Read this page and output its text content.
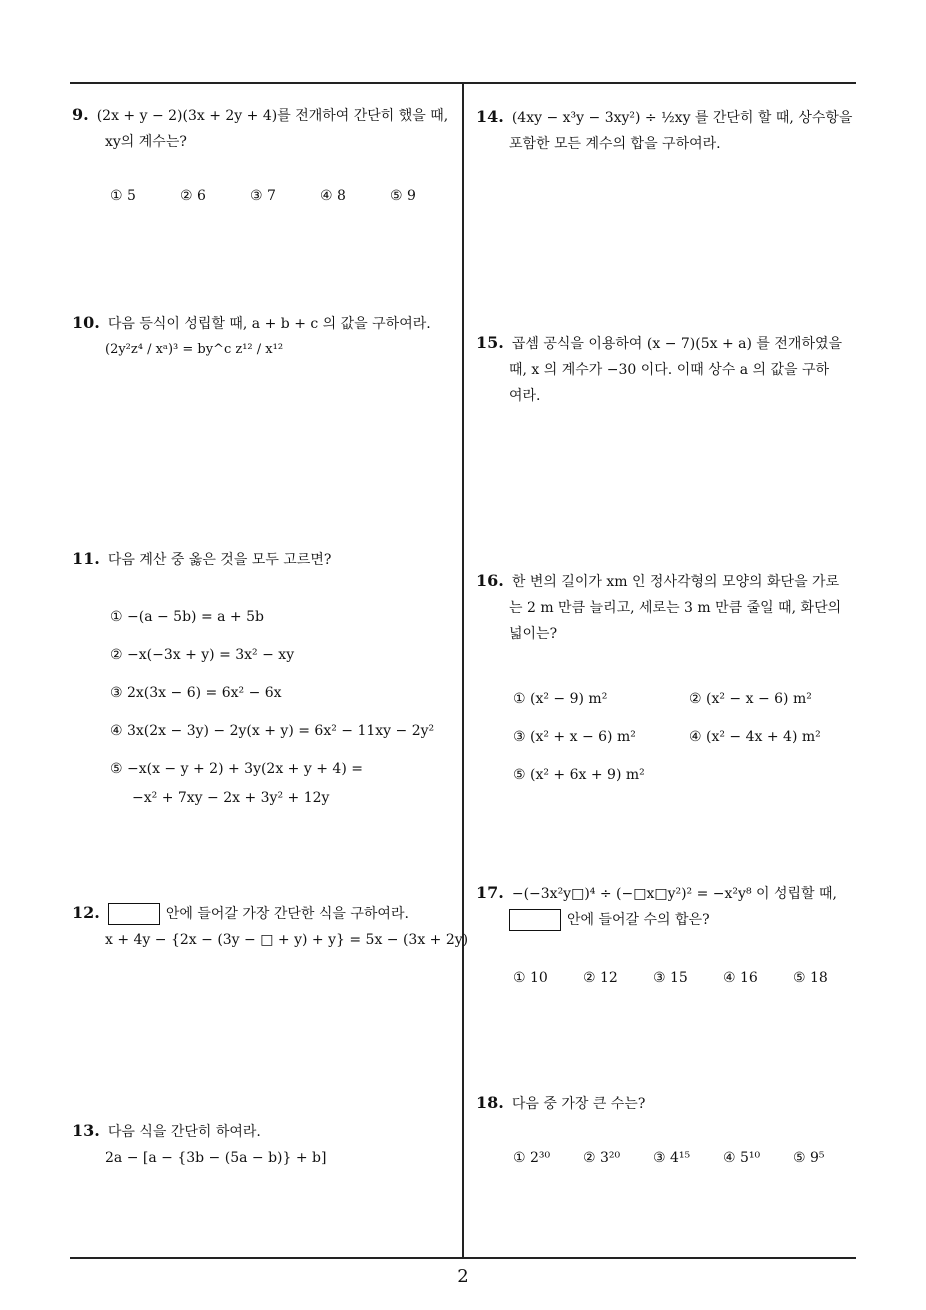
9. (2x + y − 2)(3x + 2y + 4)를 전개하여 간단히 했을 때,
xy의 계수는?
① 5	② 6	③ 7	④ 8	⑤ 9
10. 다음 등식이 성립할 때, a + b + c 의 값을 구하여라.
(2y²z⁴ / xᵃ)³ = by^c z¹² / x¹²
11. 다음 계산 중 옳은 것을 모두 고르면?
① −(a − 5b) = a + 5b
② −x(−3x + y) = 3x² − xy
③ 2x(3x − 6) = 6x² − 6x
④ 3x(2x − 3y) − 2y(x + y) = 6x² − 11xy − 2y²
⑤ −x(x − y + 2) + 3y(2x + y + 4) =
−x² + 7xy − 2x + 3y² + 12y
12.	안에 들어갈 가장 간단한 식을 구하여라.
x + 4y − {2x − (3y − □ + y) + y} = 5x − (3x + 2y)
13. 다음 식을 간단히 하여라.
2a − [a − {3b − (5a − b)} + b]
14. (4xy − x³y − 3xy²) ÷ ½xy 를 간단히 할 때, 상수항을
포함한 모든 계수의 합을 구하여라.
15. 곱셈 공식을 이용하여 (x − 7)(5x + a) 를 전개하였을
때, x 의 계수가 −30 이다. 이때 상수 a 의 값을 구하
여라.
16. 한 변의 길이가 xm 인 정사각형의 모양의 화단을 가로
는 2 m 만큼 늘리고, 세로는 3 m 만큼 줄일 때, 화단의
넓이는?
① (x² − 9) m²	② (x² − x − 6) m²
③ (x² + x − 6) m²	④ (x² − 4x + 4) m²
⑤ (x² + 6x + 9) m²
17. −(−3x²y□)⁴ ÷ (−□x□y²)² = −x²y⁸ 이 성립할 때,
안에 들어갈 수의 합은?
① 10	② 12	③ 15	④ 16	⑤ 18
18. 다음 중 가장 큰 수는?
① 2³⁰ ② 3²⁰ ③ 4¹⁵ ④ 5¹⁰ ⑤ 9⁵
2
